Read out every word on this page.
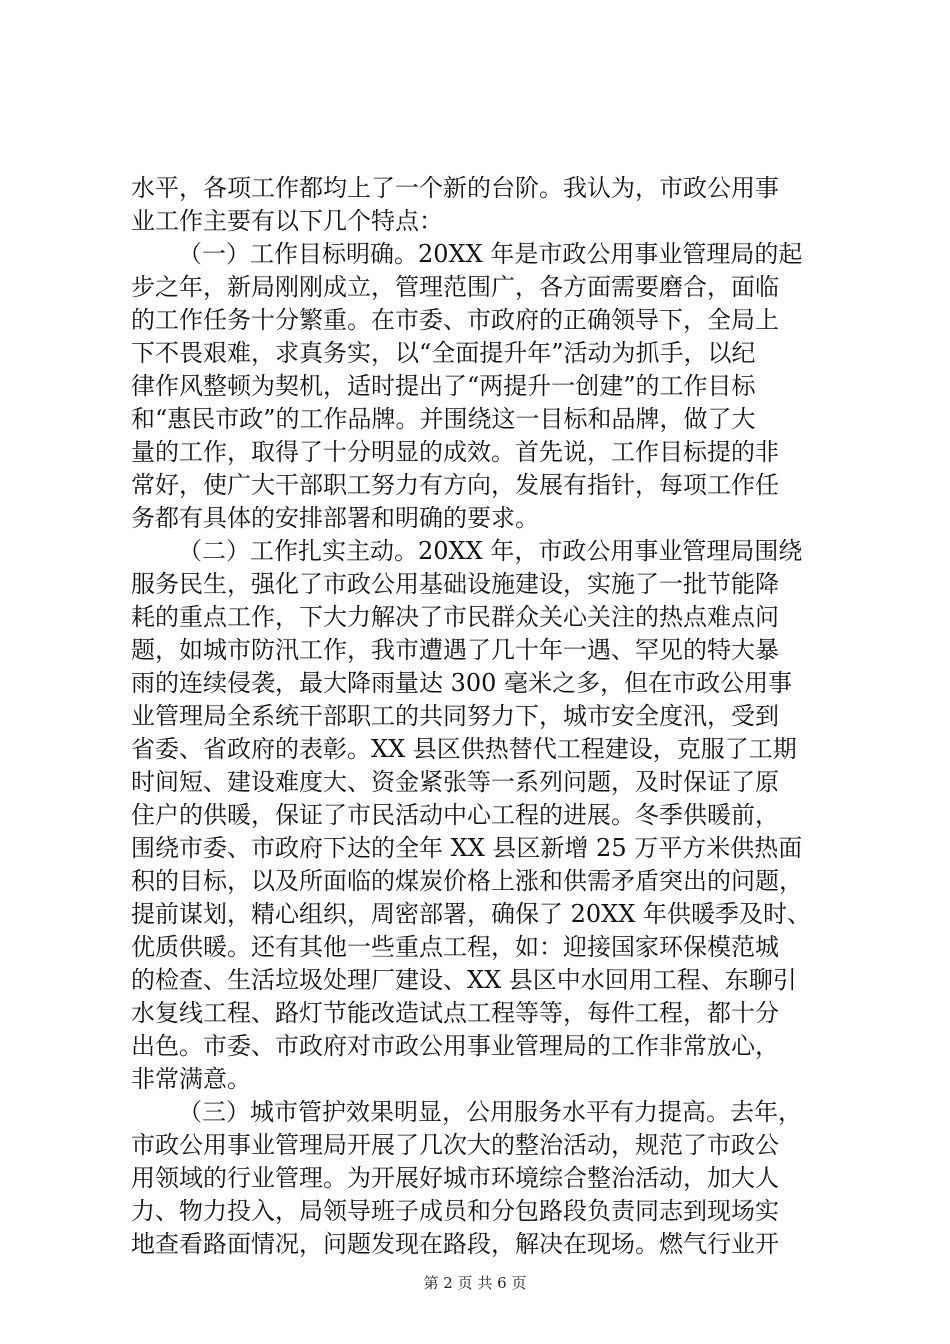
水平，各项工作都均上了一个新的台阶。我认为，市政公用事
业工作主要有以下几个特点：
（一）工作目标明确。20XX 年是市政公用事业管理局的起
步之年，新局刚刚成立，管理范围广，各方面需要磨合，面临
的工作任务十分繁重。在市委、市政府的正确领导下，全局上
下不畏艰难，求真务实，以“全面提升年”活动为抓手，以纪
律作风整顿为契机，适时提出了“两提升一创建”的工作目标
和“惠民市政”的工作品牌。并围绕这一目标和品牌，做了大
量的工作，取得了十分明显的成效。首先说，工作目标提的非
常好，使广大干部职工努力有方向，发展有指针，每项工作任
务都有具体的安排部署和明确的要求。
（二）工作扎实主动。20XX 年，市政公用事业管理局围绕
服务民生，强化了市政公用基础设施建设，实施了一批节能降
耗的重点工作，下大力解决了市民群众关心关注的热点难点问
题，如城市防汛工作，我市遭遇了几十年一遇、罕见的特大暴
雨的连续侵袭，最大降雨量达 300 毫米之多，但在市政公用事
业管理局全系统干部职工的共同努力下，城市安全度汛，受到
省委、省政府的表彰。XX 县区供热替代工程建设，克服了工期
时间短、建设难度大、资金紧张等一系列问题，及时保证了原
住户的供暖，保证了市民活动中心工程的进展。冬季供暖前，
围绕市委、市政府下达的全年 XX 县区新增 25 万平方米供热面
积的目标，以及所面临的煤炭价格上涨和供需矛盾突出的问题，
提前谋划，精心组织，周密部署，确保了 20XX 年供暖季及时、
优质供暖。还有其他一些重点工程，如：迎接国家环保模范城
的检查、生活垃圾处理厂建设、XX 县区中水回用工程、东聊引
水复线工程、路灯节能改造试点工程等等，每件工程，都十分
出色。市委、市政府对市政公用事业管理局的工作非常放心，
非常满意。
（三）城市管护效果明显，公用服务水平有力提高。去年，
市政公用事业管理局开展了几次大的整治活动，规范了市政公
用领域的行业管理。为开展好城市环境综合整治活动，加大人
力、物力投入，局领导班子成员和分包路段负责同志到现场实
地查看路面情况，问题发现在路段，解决在现场。燃气行业开
第 2 页 共 6 页
